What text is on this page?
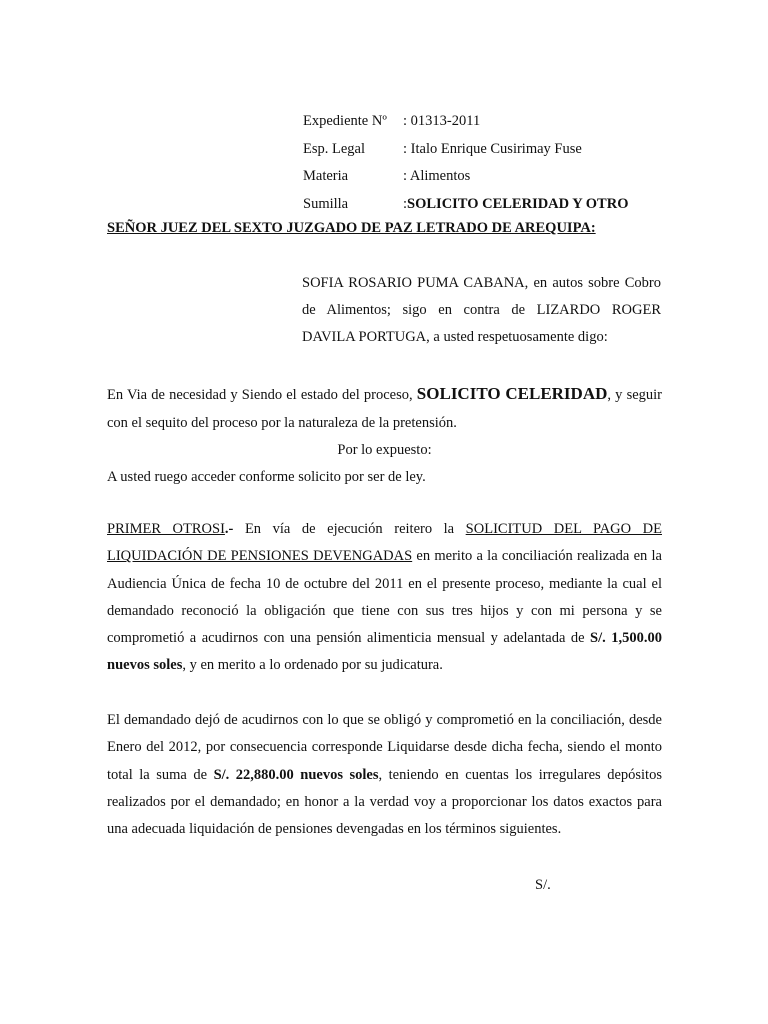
Expediente Nº	: 01313-2011
Esp. Legal	: Italo Enrique Cusirimay Fuse
Materia	: Alimentos
Sumilla	: SOLICITO CELERIDAD Y OTRO
SEÑOR JUEZ DEL SEXTO JUZGADO DE PAZ LETRADO DE AREQUIPA:
SOFIA ROSARIO PUMA CABANA, en autos sobre Cobro de Alimentos; sigo en contra de LIZARDO ROGER DAVILA PORTUGA, a usted respetuosamente digo:
En Via de necesidad y Siendo el estado del proceso, SOLICITO CELERIDAD, y seguir con el sequito del proceso por la naturaleza de la pretensión.
Por lo expuesto:
A usted ruego acceder conforme solicito por ser de ley.
PRIMER OTROSI.- En vía de ejecución reitero la SOLICITUD DEL PAGO DE LIQUIDACIÓN DE PENSIONES DEVENGADAS en merito a la conciliación realizada en la Audiencia Única de fecha 10 de octubre del 2011 en el presente proceso, mediante la cual el demandado reconoció la obligación que tiene con sus tres hijos y con mi persona y se comprometió a acudirnos con una pensión alimenticia mensual y adelantada de S/. 1,500.00 nuevos soles, y en merito a lo ordenado por su judicatura.
El demandado dejó de acudirnos con lo que se obligó y comprometió en la conciliación, desde Enero del 2012, por consecuencia corresponde Liquidarse desde dicha fecha, siendo el monto total la suma de S/. 22,880.00 nuevos soles, teniendo en cuentas los irregulares depósitos realizados por el demandado; en honor a la verdad voy a proporcionar los datos exactos para una adecuada liquidación de pensiones devengadas en los términos siguientes.
S/.
